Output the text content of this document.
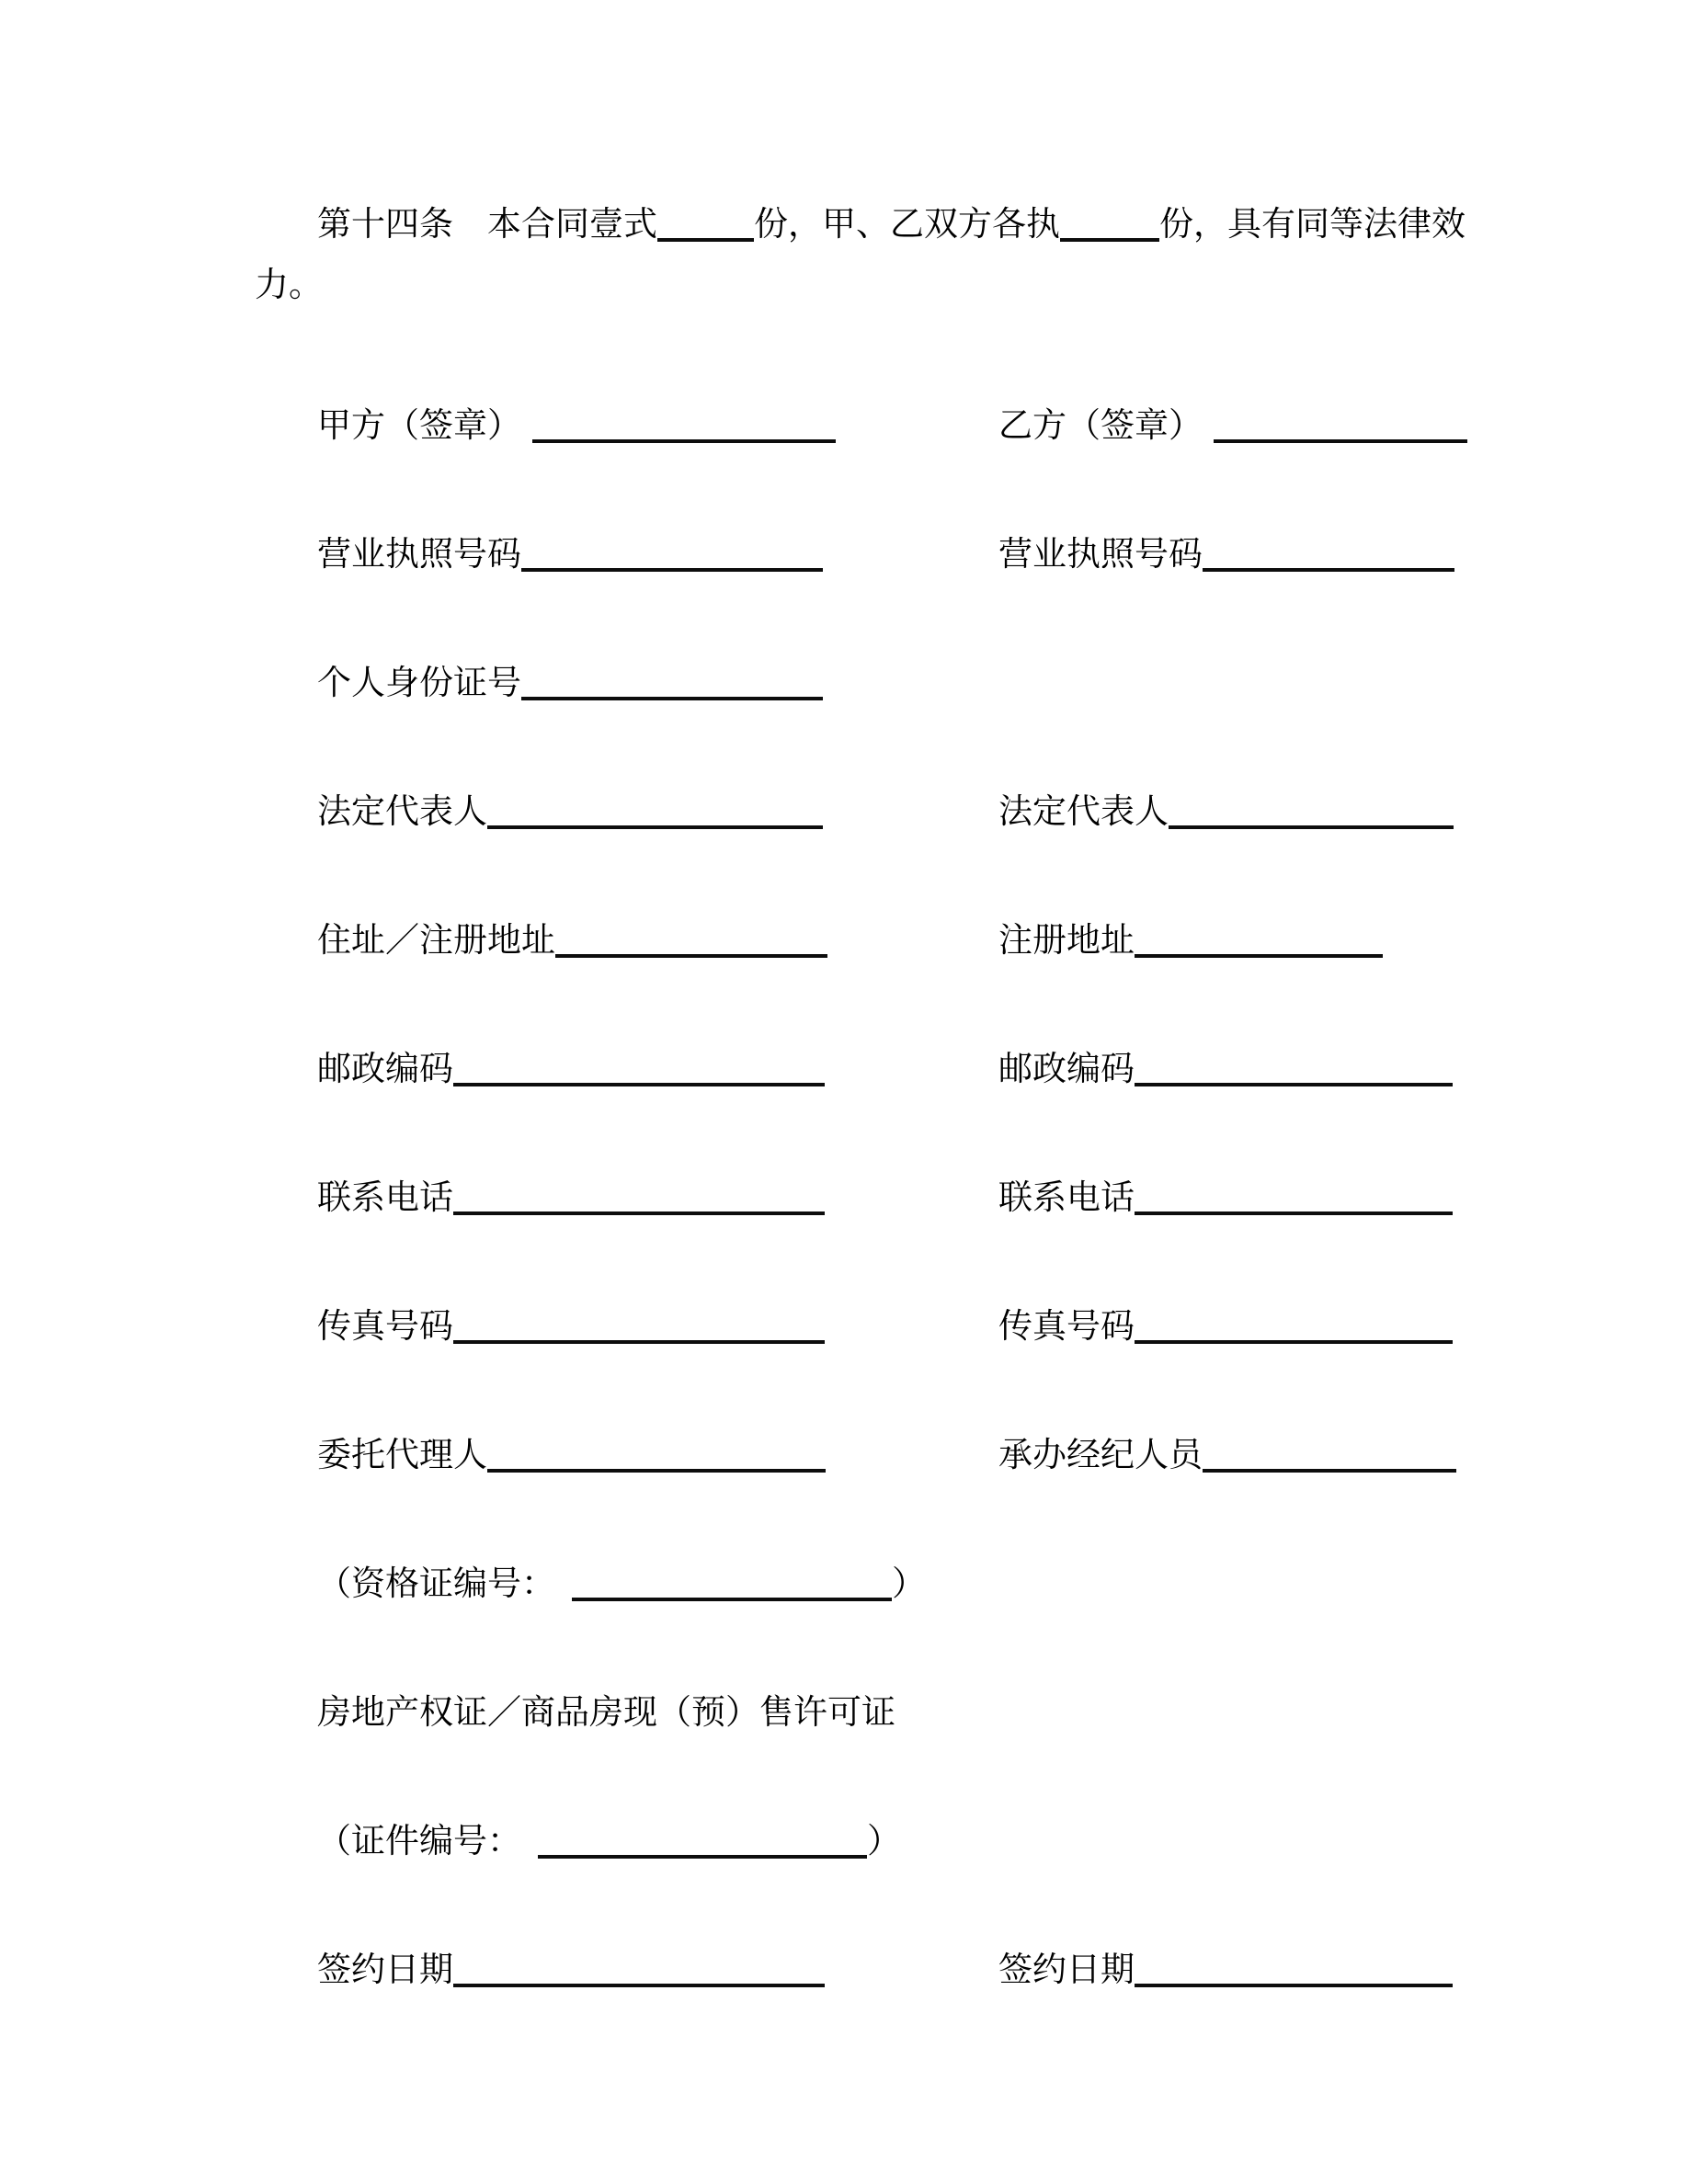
第十四条　本合同壹式	份，甲、乙双方各执	份，具有同等法律效
力。
甲方（签章）	乙方（签章）
营业执照号码	营业执照号码
个人身份证号
法定代表人	法定代表人
住址／注册地址	注册地址
邮政编码	邮政编码
联系电话	联系电话
传真号码	传真号码
委托代理人	承办经纪人员
（资格证编号：	）
房地产权证／商品房现（预）售许可证
（证件编号：	）
签约日期	签约日期
